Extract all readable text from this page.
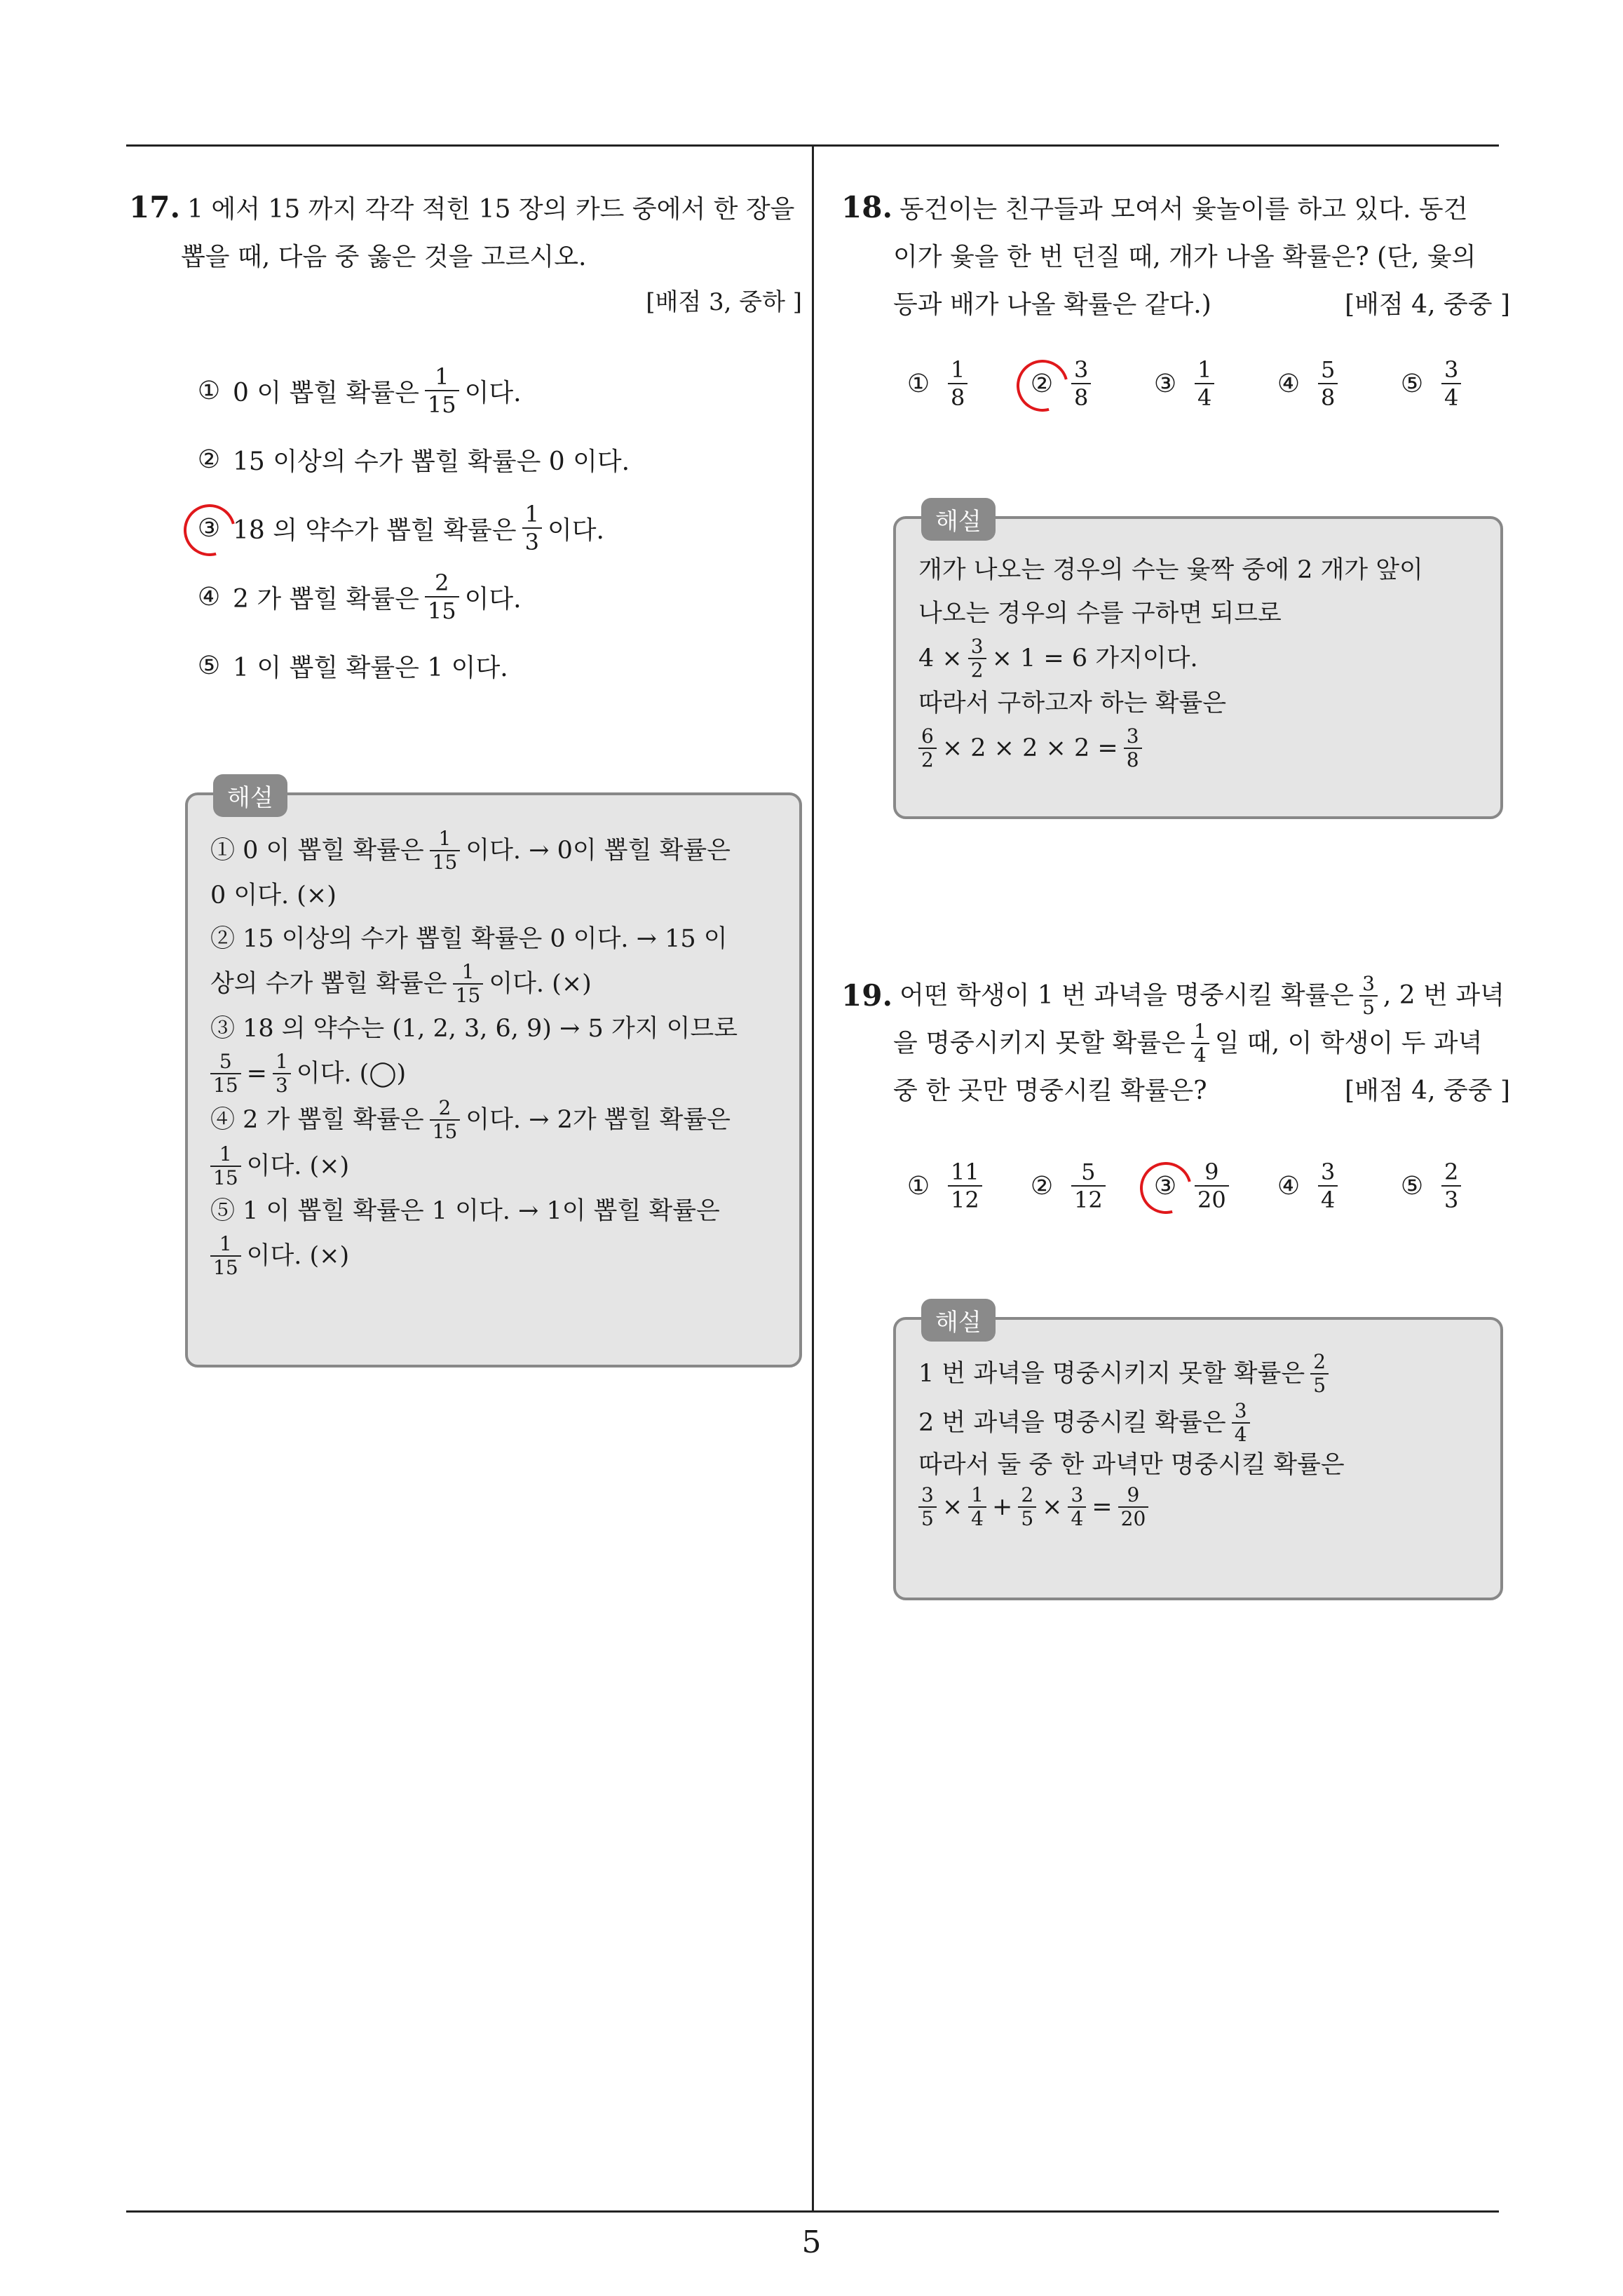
5
17. 1 에서 15 까지 각각 적힌 15 장의 카드 중에서 한 장을
뽑을 때, 다음 중 옳은 것을 고르시오.
[배점 3, 중하 ]
① 0 이 뽑힐 확률은 $\frac{1}{15}$ 이다.
② 15 이상의 수가 뽑힐 확률은 0 이다.
③ 18 의 약수가 뽑힐 확률은 $\frac{1}{3}$ 이다.
④ 2 가 뽑힐 확률은 $\frac{2}{15}$ 이다.
⑤ 1 이 뽑힐 확률은 1 이다.
해설
① 0 이 뽑힐 확률은 $\frac{1}{15}$ 이다. → 0이 뽑힐 확률은
0 이다. (×)
② 15 이상의 수가 뽑힐 확률은 0 이다. → 15 이
상의 수가 뽑힐 확률은 $\frac{1}{15}$ 이다. (×)
③ 18 의 약수는 (1, 2, 3, 6, 9) → 5 가지 이므로
$\frac{5}{15} = \frac{1}{3}$ 이다. (◯)
④ 2 가 뽑힐 확률은 $\frac{2}{15}$ 이다. → 2가 뽑힐 확률은
$\frac{1}{15}$ 이다. (×)
⑤ 1 이 뽑힐 확률은 1 이다. → 1이 뽑힐 확률은
$\frac{1}{15}$ 이다. (×)
18. 동건이는 친구들과 모여서 윷놀이를 하고 있다. 동건
이가 윷을 한 번 던질 때, 개가 나올 확률은? (단, 윷의
등과 배가 나올 확률은 같다.)	[배점 4, 중중 ]
① $\frac{1}{8}$ ② $\frac{3}{8}$ ③ $\frac{1}{4}$ ④ $\frac{5}{8}$ ⑤ $\frac{3}{4}$
해설
개가 나오는 경우의 수는 윷짝 중에 2 개가 앞이
나오는 경우의 수를 구하면 되므로
$4 \times \frac{3}{2} \times 1 = 6$ 가지이다.
따라서 구하고자 하는 확률은
$\frac{6}{2} \times 2 \times 2 \times 2 = \frac{3}{8}$
19. 어떤 학생이 1 번 과녁을 명중시킬 확률은 $\frac{3}{5}$ , 2 번 과녁
을 명중시키지 못할 확률은 $\frac{1}{4}$ 일 때, 이 학생이 두 과녁
중 한 곳만 명중시킬 확률은?	[배점 4, 중중 ]
① $\frac{11}{12}$ ② $\frac{5}{12}$ ③ $\frac{9}{20}$ ④ $\frac{3}{4}$ ⑤ $\frac{2}{3}$
해설
1 번 과녁을 명중시키지 못할 확률은 $\frac{2}{5}$
2 번 과녁을 명중시킬 확률은 $\frac{3}{4}$
따라서 둘 중 한 과녁만 명중시킬 확률은
$\frac{3}{5} \times \frac{1}{4} + \frac{2}{5} \times \frac{3}{4} = \frac{9}{20}$
